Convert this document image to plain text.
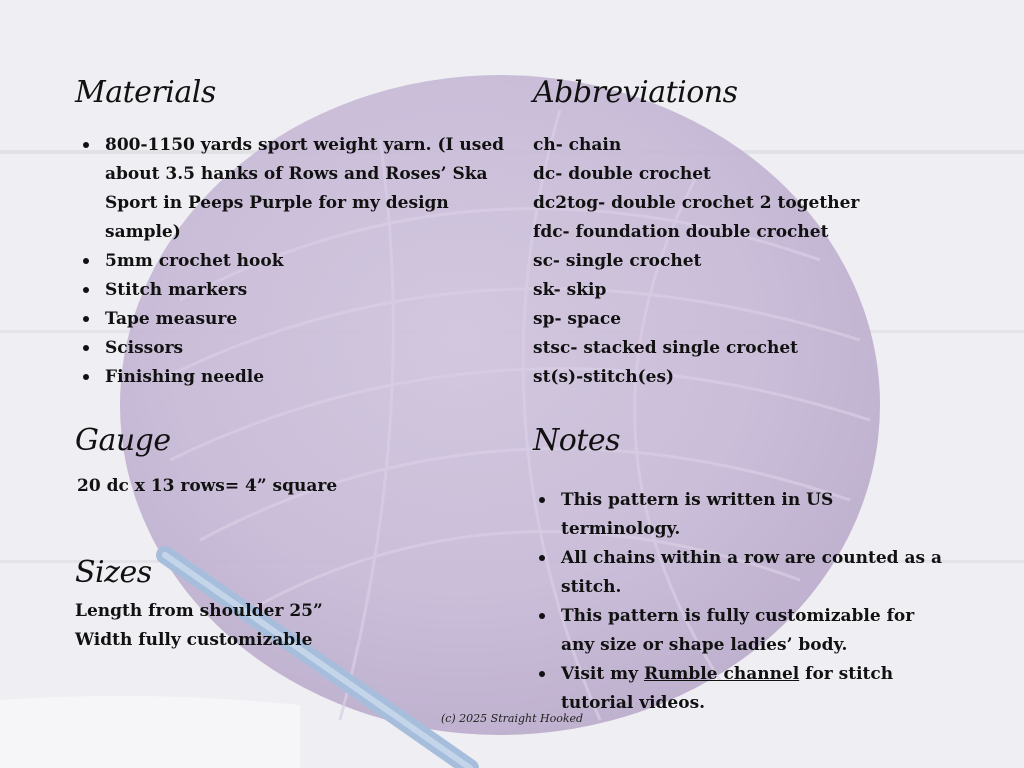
Materials
800-1150 yards sport weight yarn. (I used about 3.5 hanks of Rows and Roses’ Ska Sport in Peeps Purple for my design sample)
5mm crochet hook
Stitch markers
Tape measure
Scissors
Finishing needle
Gauge
20 dc x 13 rows= 4” square
Sizes
Length from shoulder 25”
Width fully customizable
Abbreviations
ch- chain
dc- double crochet
dc2tog- double crochet 2 together
fdc- foundation double crochet
sc- single crochet
sk- skip
sp- space
stsc- stacked single crochet
st(s)-stitch(es)
Notes
This pattern is written in US terminology.
All chains within a row are counted as a stitch.
This pattern is fully customizable for any size or shape ladies’ body.
Visit my Rumble channel for stitch tutorial videos.
(c) 2025 Straight Hooked
